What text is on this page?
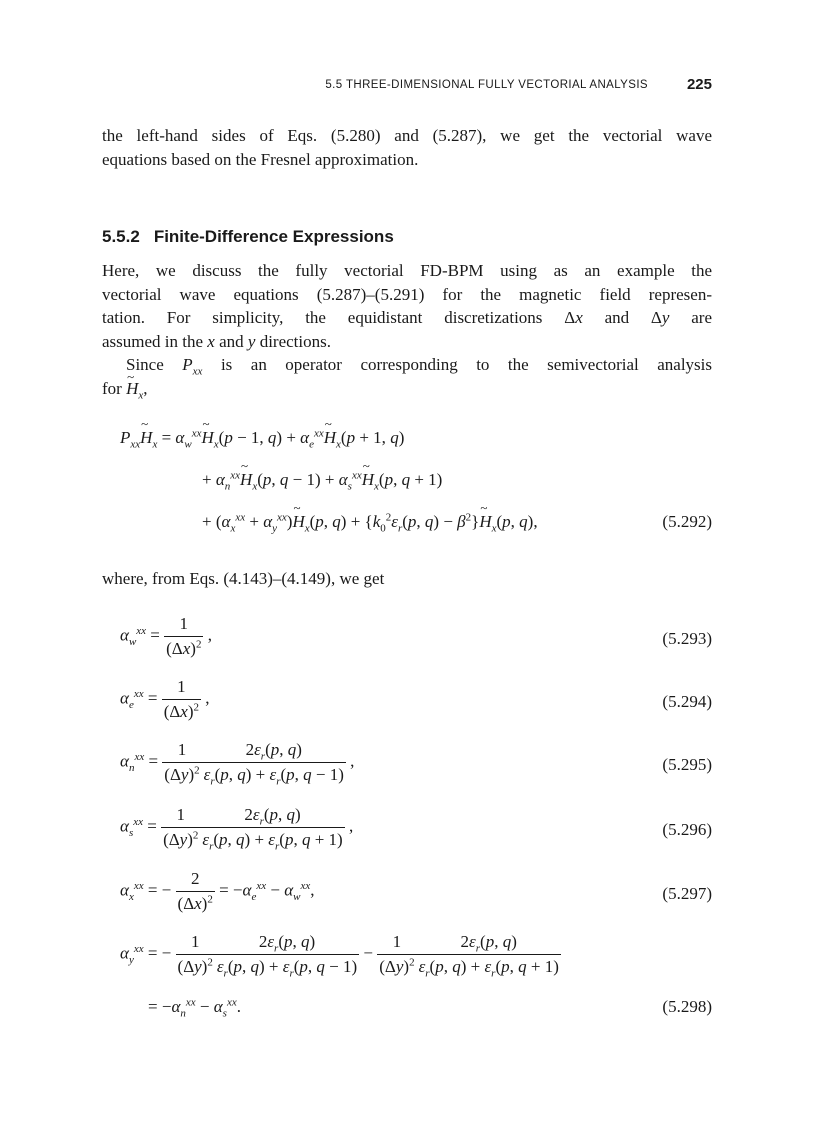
5.5 THREE-DIMENSIONAL FULLY VECTORIAL ANALYSIS	225
the left-hand sides of Eqs. (5.280) and (5.287), we get the vectorial wave
equations based on the Fresnel approximation.
5.5.2 Finite-Difference Expressions
Here, we discuss the fully vectorial FD-BPM using as an example the
vectorial wave equations (5.287)–(5.291) for the magnetic field represen-
tation. For simplicity, the equidistant discretizations Δx and Δy are
assumed in the x and y directions.
Since $P_{xx}$ is an operator corresponding to the semivectorial analysis
for ~ $H_x$,
$P_{xx}\sim$ $H_x$ = $\alpha_w^{xx}\sim$ $H_x(p - 1$, $q) + \alpha_e^{xx}\sim$ $H_x(p + 1$, q)
+ $\alpha_n^{xx}\sim$ $H_x(p$, $q - 1) + \alpha_s^{xx}\sim$ $H_x(p$, q + 1)
+ ($\alpha_x^{xx}$ + $\alpha_y^{xx})\sim$ $H_x(p$, $q) + \{k_0^2\varepsilon_r(p$, $q) - \beta^2\}\sim$ $H_x(p$, q),	(5.292)
where, from Eqs. (4.143)–(4.149), we get
$\alpha_w^{xx} = \frac{1}{(\Delta x)^2}$ ,	(5.293)
$\alpha_e^{xx} = \frac{1}{(\Delta x)^2}$ ,	(5.294)
$\alpha_n^{xx} = \frac{1}{(\Delta y)^2} \frac{2\varepsilon_r(p, q)}{\varepsilon_r(p, q) + \varepsilon_r(p, q - 1)}$ ,	(5.295)
$\alpha_s^{xx} = \frac{1}{(\Delta y)^2} \frac{2\varepsilon_r(p, q)}{\varepsilon_r(p, q) + \varepsilon_r(p, q + 1)}$ ,	(5.296)
$\alpha_x^{xx}$ = − $\frac{2}{(\Delta x)^2} = -\alpha_e^{xx} - \alpha_w^{xx}$,	(5.297)
$\alpha_y^{xx}$ = − $\frac{1}{(\Delta y)^2} \frac{2\varepsilon_r(p, q)}{\varepsilon_r(p, q) + \varepsilon_r(p, q - 1)} - \frac{1}{(\Delta y)^2} \frac{2\varepsilon_r(p, q)}{\varepsilon_r(p, q) + \varepsilon_r(p, q + 1)}$
= $-\alpha_n^{xx} - \alpha_s^{xx}$.	(5.298)
